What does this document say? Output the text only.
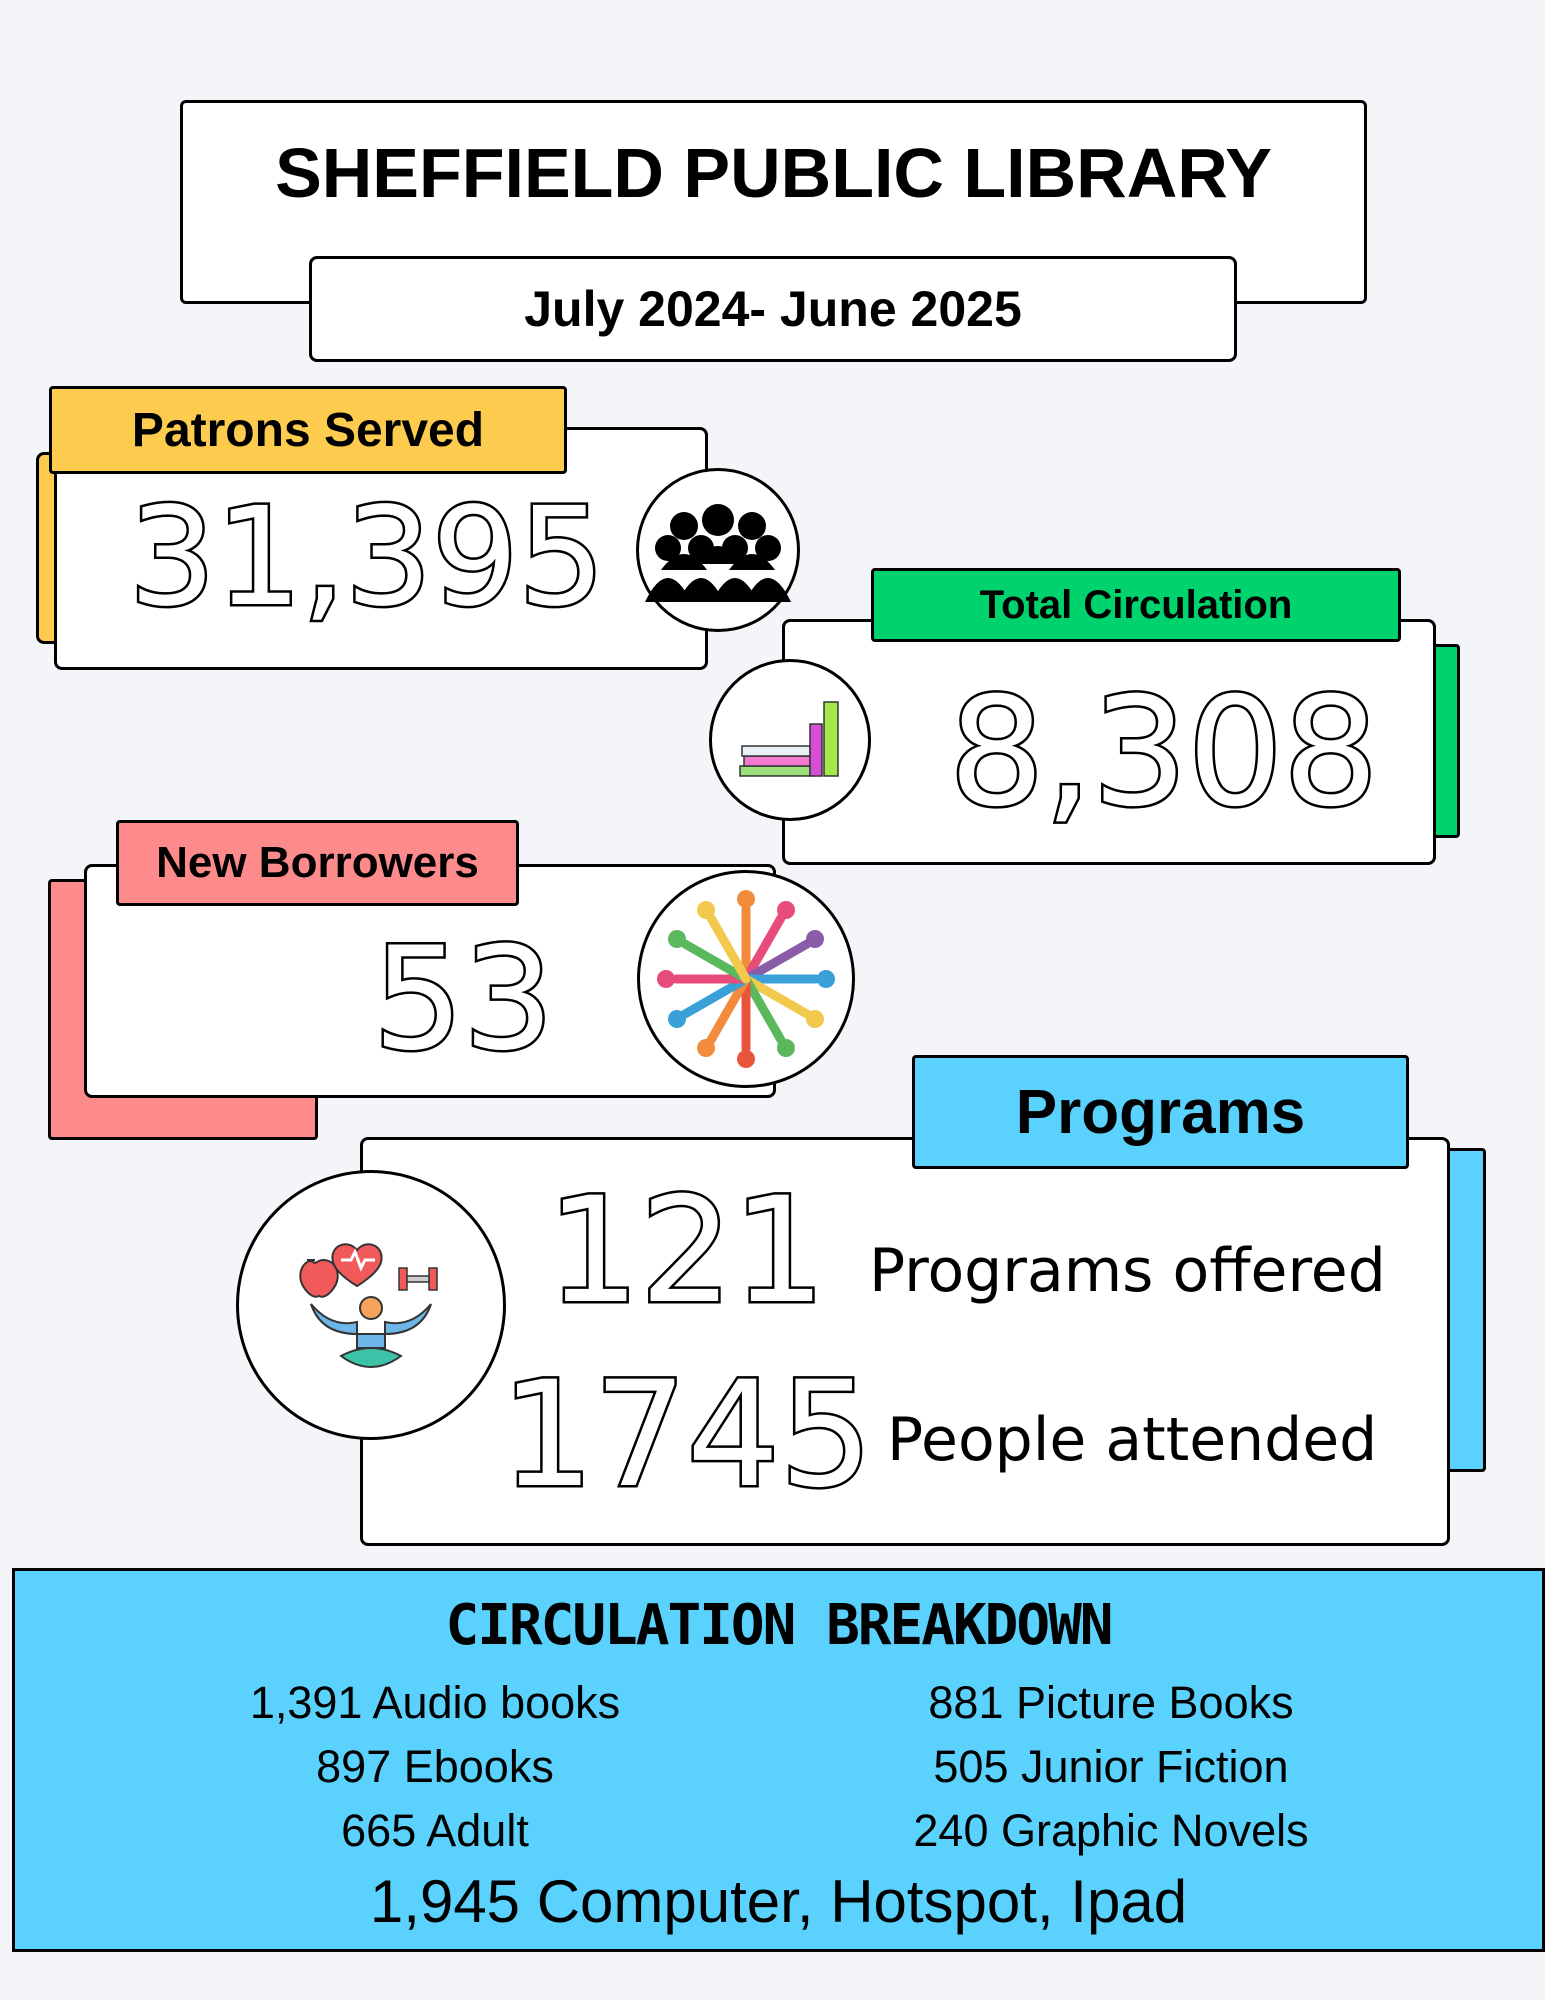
SHEFFIELD PUBLIC LIBRARY
July 2024- June 2025
31,395
Patrons Served
8,308
Total Circulation
53
New Borrowers
121 Programs offered
1745 People attended
Programs
CIRCULATION BREAKDOWN
1,391 Audio books
897 Ebooks
665 Adult
881 Picture Books
505 Junior Fiction
240 Graphic Novels
1,945 Computer, Hotspot, Ipad
